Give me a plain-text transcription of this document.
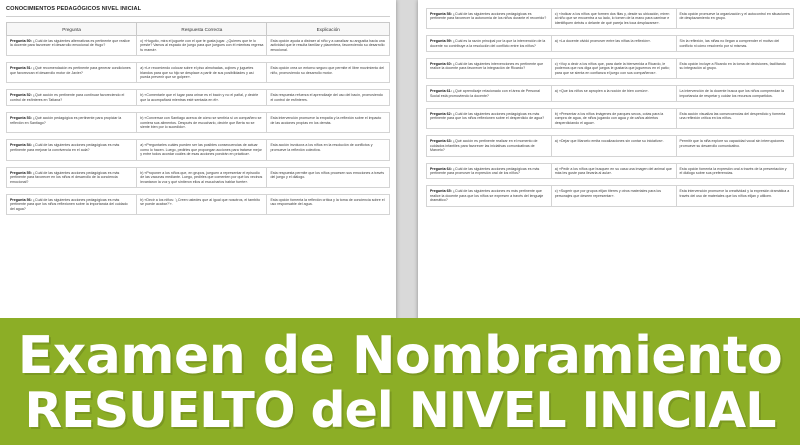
CONOCIMIENTOS PEDAGÓGICOS NIVEL INICIAL
Pregunta	Respuesta Correcta	Explicación
Pregunta 50: ¿Cuál de las siguientes alternativas es pertinente que realice la docente para favorecer el desarrollo emocional de Hugo?	c) «Huguito, mira el juguete con el que te gusta jugar. ¿Quieres que te lo preste? Vamos al espacio de juego para que juegues con él mientras regresa tu mamá».	Esta opción ayuda a distraer al niño y a canalizar su angustia hacia una actividad que le resulta familiar y placentera, favoreciendo su desarrollo emocional.

Pregunta 51: ¿Qué recomendación es pertinente para generar condiciones que favorezcan el desarrollo motor de Javier?	a) «Le recomiendo colocar sobre el piso almohadas, cojines y juguetes blandos para que su hijo se desplace a partir de sus posibilidades y así pueda prevenir que se golpee».	Esta opción crea un entorno seguro que permite el libre movimiento del niño, promoviendo su desarrollo motor.

Pregunta 52: ¿Qué acción es pertinente para continuar favoreciendo el control de esfínteres en Tatiana?	b) «Comentarle que el lugar para orinar es el bacín y no el pañal, y decirle que la acompañará mientras esté sentada en él».	Esta respuesta refuerza el aprendizaje del uso del bacín, promoviendo el control de esfínteres.

Pregunta 53: ¿Qué acción pedagógica es pertinente para propiciar la reflexión en Santiago?	b) «Conversar con Santiago acerca de cómo se sentiría si un compañero se comiera sus alimentos. Después de escucharlo, decirle que Berta no se siente bien por lo sucedido».	Esta intervención promueve la empatía y la reflexión sobre el impacto de las acciones propias en los demás.

Pregunta 54: ¿Cuál de las siguientes acciones pedagógicas es más pertinente para mejorar la convivencia en el aula?	a) «Preguntarles cuáles pueden ser las posibles consecuencias de actuar como lo hacen. Luego, pedirles que propongan acciones para tratarse mejor y entre todos acordar cuáles de esas acciones pondrán en práctica».	Esta acción involucra a los niños en la resolución de conflictos y promueve la reflexión colectiva.

Pregunta 55: ¿Cuál de las siguientes acciones pedagógicas es más pertinente para favorecer en los niños el desarrollo de la conciencia emocional?	b) «Proponer a los niños que, en grupos, jueguen a representar el episodio de las vacunas mediante. Luego, pedirles que comenten por qué los vecinos levantaron la voz y qué sintieron ellos al escucharlos hablar fuerte».	Esta respuesta permite que los niños procesen sus emociones a través del juego y el diálogo.

Pregunta 56: ¿Cuál de las siguientes acciones pedagógicas es más pertinente para que los niños reflexionen sobre la importancia del cuidado del agua?	b) «Decir a los niños: '¿Creen ustedes que al igual que nosotros, el tambito se puede acabar?'».	Esta opción fomenta la reflexión crítica y la toma de conciencia sobre el uso responsable del agua.
Pregunta 58: ¿Cuál de las siguientes acciones pedagógicas es pertinente para favorecer la autonomía de los niños durante el recorrido?	c) «Indicar a los niños que formen dos filas y, desde su ubicación, miren al niño que se encuentra a su lado, lo tomen de la mano para caminar e identifiquen detrás o delante de qué pareja les toca desplazarse».	Esta opción promueve la organización y el autocontrol en situaciones de desplazamiento en grupo.

Pregunta 59: ¿Cuál es la razón principal por la que la intervención de la docente no contribuye a la resolución del conflicto entre los niños?	a) «La docente olvidó promover entre las niñas la reflexión».	Sin la reflexión, las niñas no llegan a comprender el motivo del conflicto ni cómo resolverlo por sí mismas.

Pregunta 60: ¿Cuál de las siguientes intervenciones es pertinente que realice la docente para favorecer la integración de Ricardo?	c) «Voy a decir a los niños que, para darle la bienvenida a Ricardo, le podemos que nos diga qué juegos le gustaría que juguemos en el patio; para que se sienta en confianza el juego con sus compañeros».	Esta opción incluye a Ricardo en la toma de decisiones, facilitando su integración al grupo.

Pregunta 61: ¿Qué aprendizaje relacionado con el área de Personal Social está promoviendo la docente?	a) «Que los niños se apropien a la noción de bien común».	La intervención de la docente busca que los niños comprendan la importancia de respetar y cuidar los recursos compartidos.

Pregunta 62: ¿Cuál de las siguientes acciones pedagógicas es más pertinente para que los niños reflexionen sobre el desperdicio de agua?	b) «Presentar a los niños imágenes de parques secos, cotas para la compra de agua, de niños jugando con agua y de caños abiertos desperdiciando el agua».	Esta acción visualiza las consecuencias del desperdicio y fomenta una reflexión crítica en los niños.

Pregunta 63: ¿Qué acción es pertinente realizar en el momento de cuidados infantiles para favorecer las iniciativas comunicativas de Marcelo?	a) «Dejar que Marcelo emita vocalizaciones sin contar su iniciativa».	Permitir que la niña explore su capacidad vocal sin interrupciones promueve su desarrollo comunicativo.

Pregunta 64: ¿Cuál de las siguientes acciones pedagógicas es más pertinente para promover la expresión oral de los niños?	a) «Pedir a los niños que busquen en su casa una imagen del animal que más les guste para llevarla al aula».	Esta opción fomenta la expresión oral a través de la presentación y el diálogo sobre sus preferencias.

Pregunta 65: ¿Cuál de las siguientes acciones es más pertinente que realice la docente para que los niños se expresen a través del lenguaje dramático?	c) «Sugerir que por grupos elijan títeres y otros materiales para los personajes que deseen representar».	Esta intervención promueve la creatividad y la expresión dramática a través del uso de materiales que los niños elijan y utilicen.
Examen de Nombramiento
RESUELTO del NIVEL INICIAL
